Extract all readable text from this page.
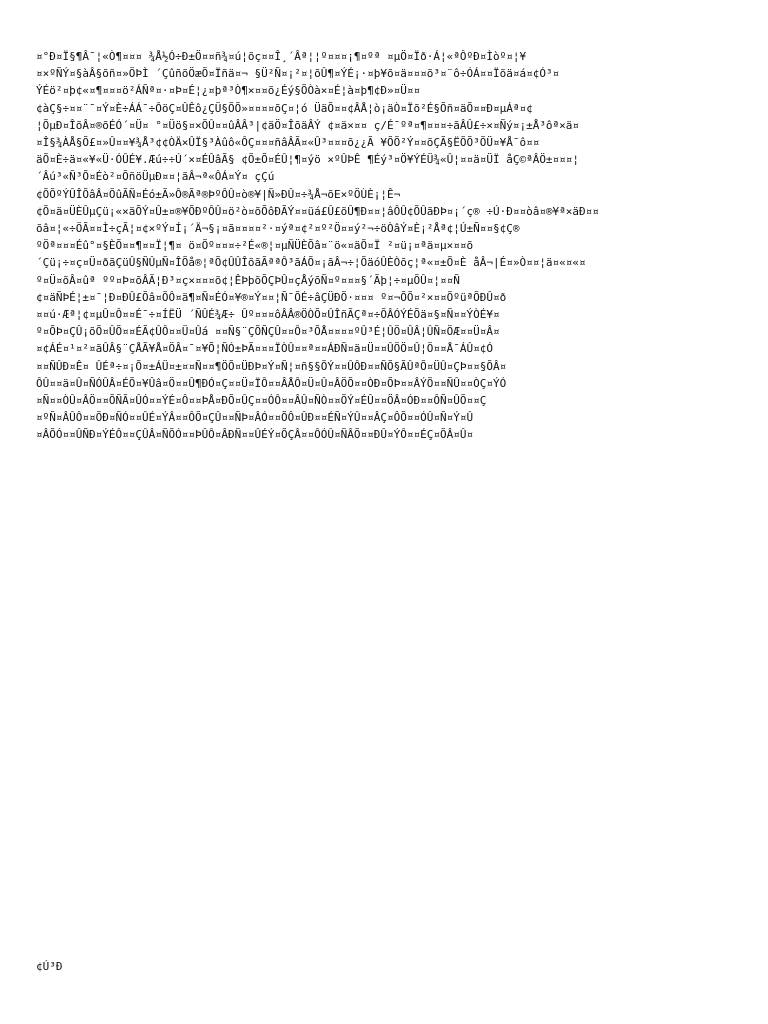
¤°Ð¤Ï§¶Â¯¦«Ò¶¤¤¤ ¾Å½Ó÷Ð±Ö¤¤ñ¾¤ú¦õç¤¤Î¸´Âª¦¦º¤¤¤¡¶¤ºª ¤µÖ¤Ïð·Á¦«ªÔºÐ¤Ìòº¤¦¥
¤×ºÑÝ¤§àÂ§õñ¤»ÖÞÌ ´ÇûñõÖæÕ¤Ïñä¤¬ §Ü²Ñ¤¡²¤¦õÛ¶¤ÝÉ¡·¤þ¥õ¤ä¤¤¤õ³¤¨ô÷ÓÁ¤¤Ïõä¤á¤¢Ó³¤
ÝÉö²¤þ¢«¤¶¤¤¤ö²ÁÑª¤·¤Þ¤É¦¿¤þª³Ò¶×¤¤õ¿Éý§ÕÒà×¤É¦à¤þ¶¢Ð»¤Ü¤¤
¢àÇ§÷¤¤¨¯¤Ý¤È÷ÁÁ¯÷ÔöÇ¤ÛÊô¿ÇÜ§ÕÕ»¤¤¤¤õÇ¤¦ó ÜäÕ¤¤¢ÂÅ¦ò¡äÒ¤Ïõ²É§Õñ¤äÕ¤¤Ð¤µÁª¤¢
¦ÕµÐ¤ÎõÂ¤®õÉÓ´¤Ü¤ °¤Üö§¤×ÕÛ¤¤ûÂÂ³|¢äÖ¤ÎõäÂÝ ¢¤ä×¤¤ ç/É¯ºª¤¶¤¤¤÷ãÂÛ£÷×¤Ñý¤¡±Å³ôª×ä¤
¤Î§¾ÀÅ§Õ£¤»Û¤¤¥¾Å³¢¢ÒÄ×ÛÏ§³Àûô«ÔÇ¤¤¤ñâÂÃ¤«Û³¤¤¤õ¿¿Ã ¥ÕÕ²Ý¤¤õÇÃ§ËÕÕ³ÕÜ¤¥Å¯ô¤¤
äÕ¤È÷ä¤«¥«Ü·ÓÛÉ¥.Æú÷÷Ú´×¤ÉÛâÃ§ ¢Õ±Õ¤ÉÛ¦¶¤ýö ×ºÛÞÊ ¶Éý³¤Ö¥ÝÉÜ¾«Û¦¤¤ä¤ÜÏ åÇ©ªÂÖ±¤¤¤¦
´Âú³«Ñ³Õ¤Éò²¤ÕñöÜµÐ¤¤¦ãÂ¬ª«ÔÁ¤Ý¤ çÇú
¢ÕÕºÝÛÎÕâÂ¤ÕûÃÑ¤Éó±Ã»Ô®Ãª®ÞºÔÛ¤ò®¥|Ñ»ÐÛ¤÷¾Å¬õE×ºÖÙÈ¡¦Ê¬
¢Õ¤ä¤ÜÈÛµÇü¡«×äÕÝ¤Û±¤®¥ÕÐºÔÛ¤ö²ò¤õÕôÐÃÝ¤¤üá£Û£õÛ¶Ð¤¤¦âÔÛ¢ÕÛãÐÞ¤¡´ç® ÷Ú·Ð¤¤òâ¤®¥ª×äÐ¤¤
õâ¤¦«÷ÖÃ¤¤Ì÷çÃ¦¤¢×ºÝ¤Í¡´Ä¬§¡¤ã¤¤¤¤²·¤ýª¤¢²¤º²Ö¤¤ý²¬÷öÒâÝ¤È¡²Åª¢¦Ú±Ñ¤¤§¢Ç®
ºÖª¤¤¤Éû°¤§ÈÕ¤¤¶¤¤Ï¦¶¤ ö¤Õº¤¤¤÷²É«®¦¤µÑÜÈÕâ¤¨ö«¤äÕ¤Ï ²¤ü¡¤ªä¤µ×¤¤õ
´Çü¡÷¤ç¤Ü¤ðãÇüÛ§ÑÛµÑ¤ÎÕå®¦ªÕ¢ÛÛÎõãÃªªÔ³ãÁÕ¤¡ãÂ¬÷¦ÕäóÛÈÒõç¦ª«¤±Õ¤È åÂ¬|É¤»Ò¤¤¦ä¤«¤«¤
º¤Ü¤õÂ¤ûª ºº¤Þ¤õÂÃ¦Ð³¤ç×¤¤¤õ¢¦ÊÞþõÕÇÞÛ¤çÅýõÑ¤º¤¤¤§´Ãþ¦÷¤µÕÛ¤¦¤¤Ñ
¢¤äÑÞÉ¦±¤¯¦Ð¤ÐÛ£Õâ¤ÕÔ¤ä¶¤Ñ¤ÉÓ¤¥®¤Ý¤¤¦Ñ¯ÕÉ÷âÇÜÐÕ·¤¤¤ º¤¬ÕÕ¤²×¤¤ÕºüªÕÐÛ¤ð
¤¤ú·Æª¦¢¤µÛ¤Ô¤¤É¯÷¤ÍËÜ ´ÑÛÉ¾Æ÷ Ûº¤¤¤ôÂÂ®ÖÒÕ¤ÛÎñÃÇª¤÷ÕÂÓÝÉÕä¤§¤Ñ¤¤ÝÒÉ¥¤
º¤ÕÞ¤ÇÛ¡õÕ¤ÛÕ¤¤ÉÃ¢ÛÔ¤¤Ü¤Ûá ¤¤Ñ§¨ÇÕÑÇÛ¤¤Ô¤³ÕÅ¤¤¤¤ºÛ³É¦ÛÖ¤ÛÂ¦ÛÑ¤ÖÆ¤¤Ü¤Â¤
¤¢ÁÉ¤¹¤²¤ãÛÂ§¨ÇÅÃ¥Å¤ÖÂ¤¯¤¥Õ¦ÑÓ±ÞÃ¤¤¤ÏÒÛ¤¤ª¤¤ÁÐÑ¤ä¤Ü¤¤ÛÖÖ¤Û¦Ö¤¤Å¯ÁÛ¤¢Ó
¤¤ÑÛÐ¤Ê¤ ÛÉª÷¤¡Õ¤±ÁÜ¤±¤¤Ñ¤¤¶ÖÕ¤ÜÐÞ¤Ý¤Ñ¦¤ñ§§ÕÝ¤¤ÛÔÐ¤¤ÑÕ§ÃÛªÕ¤ÜÛ¤ÇÞ¤¤§ÕÂ¤
ÔÛ¤¤ä¤Û¤ÑÓÛÂ¤ÉÕ¤¥Ûâ¤Ö¤¤Û¶ÐÓ¤Ç¤¤Ü¤ÏÔ¤¤ÂÅÔ¤Ü¤Û¤ÂÖÕ¤¤ÒÐ¤ÕÞ¤¤ÂÝÕ¤¤ÑÛ¤¤ÒÇ¤ÝÓ
¤Ñ¤¤ÒÛ¤ÂÖ¤¤ÕÑÃ¤ÛÓ¤¤ÝÉ¤Ô¤¤ÞÅ¤ÐÕ¤ÛÇ¤¤ÓÔ¤¤ÂÛ¤ÑÒ¤¤ÕÝ¤ÉÛ¤¤ÖÂ¤ÓÐ¤¤ÔÑ¤ÛÕ¤¤Ç
¤ºÑ¤ÂÛÔ¤¤ÕÐ¤ÑÓ¤¤ÛÉ¤ÝÂ¤¤ÔÕ¤ÇÛ¤¤ÑÞ¤ÂÓ¤¤ÕÔ¤ÛÐ¤¤ÉÑ¤ÝÛ¤¤ÂÇ¤ÔÕ¤¤ÓÛ¤Ñ¤Ý¤Û
¤ÂÕÓ¤¤ÛÑÐ¤ÝÉÔ¤¤ÇÛÂ¤ÑÕÓ¤¤ÞÛÔ¤ÂÐÑ¤¤ÛÉÝ¤ÕÇÂ¤¤ÔÓÛ¤ÑÂÕ¤¤ÐÛ¤ÝÔ¤¤ÉÇ¤ÕÂ¤Û¤
¢Ú³Ð
